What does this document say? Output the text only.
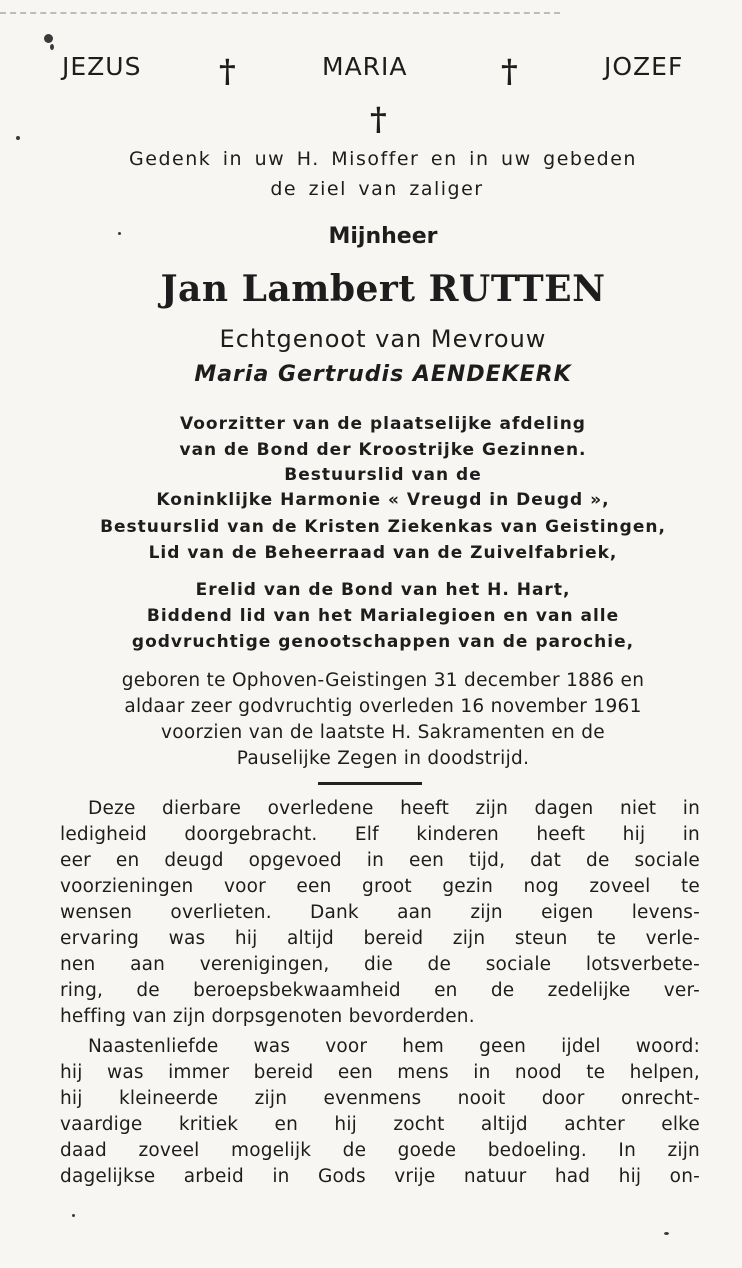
JEZUS †	MARIA	†	JOZEF
†
Gedenk in uw H. Misoffer en in uw gebeden
de ziel van zaliger
Mijnheer
Jan Lambert RUTTEN
Echtgenoot van Mevrouw
Maria Gertrudis AENDEKERK
Voorzitter van de plaatselijke afdeling
van de Bond der Kroostrijke Gezinnen.
Bestuurslid van de
Koninklijke Harmonie « Vreugd in Deugd »,
Bestuurslid van de Kristen Ziekenkas van Geistingen,
Lid van de Beheerraad van de Zuivelfabriek,
Erelid van de Bond van het H. Hart,
Biddend lid van het Marialegioen en van alle
godvruchtige genootschappen van de parochie,
geboren te Ophoven-Geistingen 31 december 1886 en
aldaar zeer godvruchtig overleden 16 november 1961
voorzien van de laatste H. Sakramenten en de
Pauselijke Zegen in doodstrijd.
Deze dierbare overledene heeft zijn dagen niet in
ledigheid doorgebracht. Elf kinderen heeft hij in
eer en deugd opgevoed in een tijd, dat de sociale
voorzieningen voor een groot gezin nog zoveel te
wensen overlieten. Dank aan zijn eigen levens-
ervaring was hij altijd bereid zijn steun te verle-
nen aan verenigingen, die de sociale lotsverbete-
ring, de beroepsbekwaamheid en de zedelijke ver-
heffing van zijn dorpsgenoten bevorderden.
Naastenliefde was voor hem geen ijdel woord:
hij was immer bereid een mens in nood te helpen,
hij kleineerde zijn evenmens nooit door onrecht-
vaardige kritiek en hij zocht altijd achter elke
daad zoveel mogelijk de goede bedoeling. In zijn
dagelijkse arbeid in Gods vrije natuur had hij on-
